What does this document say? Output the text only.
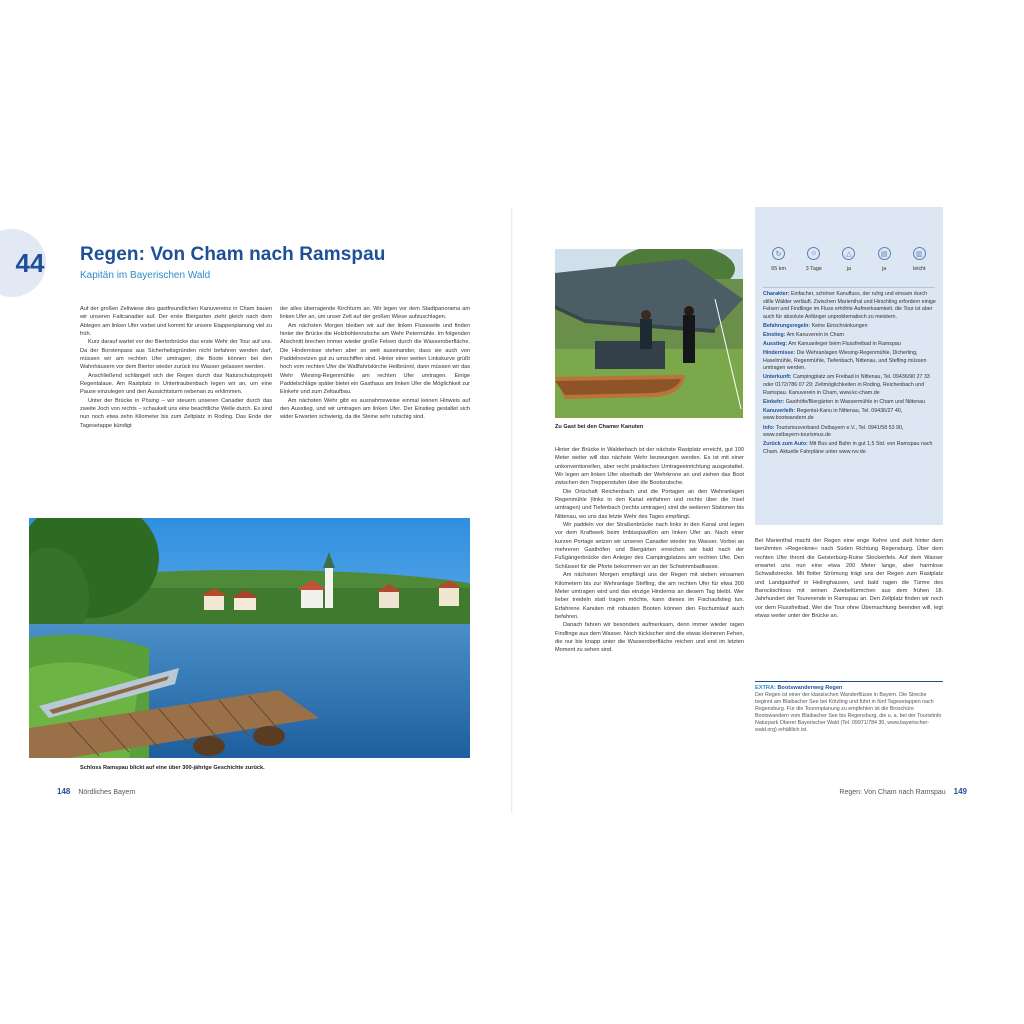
44 Regen: Von Cham nach Ramspau
Kapitän im Bayerischen Wald

Auf der großen Zeltwiese des gastfreundlichen Kanuvereins in Cham bauen wir unseren Faltcanadier auf. Der erste Biergarten zieht gleich nach dem Ablegen am linken Ufer vorbei und kommt für unsere Etappenplanung viel zu früh.

Kurz darauf wartet vor der Biertorbrücke das erste Wehr der Tour auf uns. Da der Borstenpass aus Sicherheitsgründen nicht befahren werden darf, müssen wir am rechten Ufer umtragen; die Boote können bei den Wahnhäusern vor dem Biertor wieder zurück ins Wasser gelassen werden.

Anschließend schlängelt sich der Regen durch das Naturschutzprojekt Regentalaue. Am Rastplatz in Untertraubenbach legen wir an, um eine Pause einzulegen und den Aussichtsturm nebenan zu erklimmen.

Unter der Brücke in Pösing – wir steuern unseren Canadier durch das zweite Joch von rechts – schaukelt uns eine beachtliche Welle durch. Es sind nun noch etwa zehn Kilometer bis zum Zeltplatz in Roding. Das Ende der Tagesetappe kündigt

der alles überragende Kirchturm an. Wir legen vor dem Stadtpanorama am linken Ufer an, um unser Zelt auf der großen Wiese aufzuschlagen.

Am nächsten Morgen bleiben wir auf der linken Flussseite und finden hinter der Brücke die Holzbohlenrutsche am Wehr Petermühle. Im folgenden Abschnitt brechen immer wieder große Felsen durch die Wasseroberfläche. Die Hindernisse stehen aber so weit auseinander, dass sie auch von Paddelnovizen gut zu umschiffen sind. Hinter einer weiten Linkskurve grüßt hoch vom rechten Ufer die Wallfahrtskirche Heilbrünnl, dann müssen wir das Wehr Wiesing-Regenmühle am rechten Ufer umtragen. Einige Paddelschläge später bietet ein Gasthaus am linken Ufer die Möglichkeit zur Einkehr und zum Zeltaufbau.

Am nächsten Wehr gibt es ausnahmsweise einmal keinen Hinweis auf den Ausstieg, und wir umtragen am linken Ufer. Der Einstieg gestaltet sich wider Erwarten schwierig, da die Steine sehr rutschig sind.

Schloss Ramspau blickt auf eine über 300-jährige Geschichte zurück.
Zu Gast bei den Chamer Kanuten

Hinter der Brücke in Walderbach ist der nächste Rastplatz erreicht, gut 100 Meter weiter will das nächste Wehr bezwungen werden. Es ist mit einer unkonventionellen, aber recht praktischen Umtrageeinrichtung ausgestattet. Wir legen am linken Ufer oberhalb der Wehrkrone an und ziehen das Boot zwischen den Treppenstufen über die Bootsrutsche.

Die Ortschaft Reichenbach und die Portagen an den Wehranlagen Regenmühle (links in den Kanal einfahren und rechts über die Insel umtragen) und Tiefenbach (rechts umtragen) sind die weiteren Stationen bis Nittenau, wo uns das letzte Wehr des Tages empfängt.

Wir paddeln vor der Straßenbrücke nach links in den Kanal und legen vor dem Kraftwerk beim Imbisspavillon am linken Ufer an. Nach einer kurzen Portage setzen wir unseren Canadier wieder ins Wasser. Vorbei an mehreren Gasthöfen und Biergärten erreichen wir bald nach der Fußgängerbrücke den Anleger des Campingplatzes am rechten Ufer. Den Schlüssel für die Pforte bekommen wir an der Schwimmbadkasse.

Am nächsten Morgen empfängt uns der Regen mit sieben einsamen Kilometern bis zur Wehranlage Stefling, die am rechten Ufer für etwa 300 Meter umtragen wird und das einzige Hindernis an diesem Tag bleibt. Wer lieber treideln statt tragen möchte, kann dieses im Fischaufstieg tun. Erfahrene Kanuten mit robusten Booten können den Fischumlauf auch befahren.

Danach fahren wir besonders aufmerksam, denn immer wieder ragen Findlinge aus dem Wasser. Noch tückischer sind die etwas kleineren Fehen, die nur bis knapp unter die Wasseroberfläche reichen und erst im letzten Moment zu sehen sind.

Bei Marienthal macht der Regen eine enge Kehre und zielt hinter dem berühmten »Regenknie« nach Süden Richtung Regensburg. Über dem rechten Ufer thront die Geisterburg-Ruine Stockenfels. Auf dem Wasser erwartet uns nun eine etwa 200 Meter lange, aber harmlose Schwallstrecke. Mit flotter Strömung trägt uns der Regen zum Rastplatz und Landgasthof in Heilinghausen, und bald ragen die Türme des Barockschloss mit seinen Zwiebeltürmchen aus dem frühen 18. Jahrhundert der Tourenende in Ramspau an. Den Zeltplatz finden wir noch vor dem Flussfreibad. Wer die Tour ohne Übernachtung beenden will, legt etwas weiter unter der Brücke an.

↻
65 km
☺
3 Tage
△
ja
▤
ja
▥
leicht
Charakter: Einfacher, schöner Kanufluss, der ruhig und einsam durch stille Wälder verläuft. Zwischen Marienthal und Hirschling erfordern einige Felsen und Findlinge im Fluss erhöhte Aufmerksamkeit, die Tour ist aber auch für absolute Anfänger unproblematisch zu meistern.
Befahrungsregeln: Keine Einschränkungen
Einstieg: Am Kanuverein in Cham
Ausstieg: Am Kanuanleger beim Flussfreibad in Ramspau
Hindernisse: Die Wehranlagen Wiesing-Regenmühle, Dicherling, Haselmühle, Regenmühle, Tiefenbach, Nittenau, und Stefling müssen umtragen werden.
Unterkunft: Campingplatz am Freibad in Nittenau, Tel. 09436/90 27 33 oder 0172/786 07 29; Zeltmöglichkeiten in Roding, Reichenbach und Ramspau. Kanuverein in Cham, www.kc-cham.de
Einkehr: Gasthöfe/Biergärten in Wassermühle in Cham und Nittenau
Kanuverleih: Regental-Kanu in Nittenau, Tel. 09436/27 40, www.bootwandern.de
Info: Tourismusverband Ostbayern e.V., Tel. 0941/58 53 90, www.ostbayern-tourismus.de
Zurück zum Auto: Mit Bus und Bahn in gut 1,5 Std. von Ramspau nach Cham. Aktuelle Fahrpläne unter www.rvv.de
EXTRA: Bootswanderweg Regen
Der Regen ist einer der klassischen Wanderflüsse in Bayern. Die Strecke beginnt am Blaibacher See bei Kötzting und führt in fünf Tagesetappen nach Regensburg. Für die Tourenplanung zu empfehlen ist die Broschüre Bootswandern vom Blaibacher See bis Regensburg, die u. a. bei der Touristinfo Naturpark Oberer Bayerischer Wald (Tel. 09971/784 30, www.bayerischer-wald.org) erhältlich ist.
148 Nördliches Bayern	Regen: Von Cham nach Ramspau 149
